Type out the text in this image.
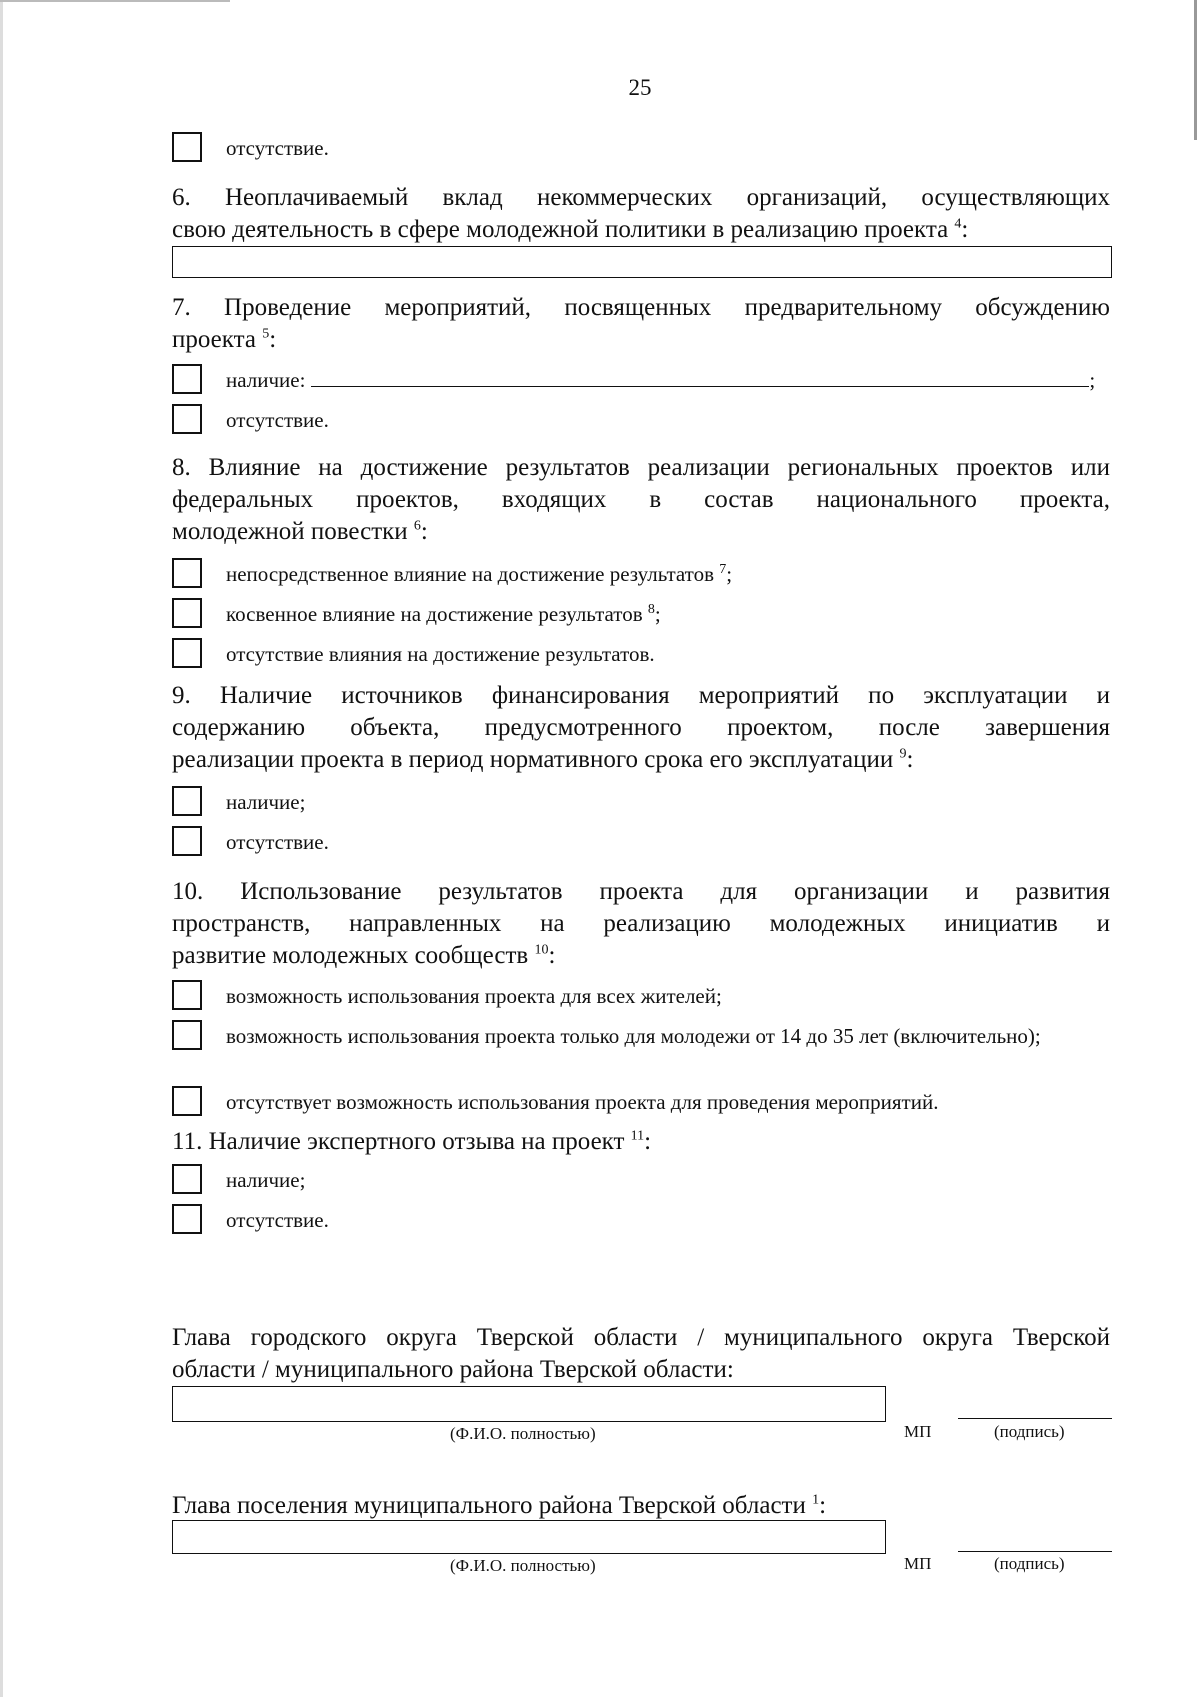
25
отсутствие.

6. Неоплачиваемый вклад некоммерческих организаций, осуществляющих

свою деятельность в сфере молодежной политики в реализацию проекта $^4$:

7. Проведение мероприятий, посвященных предварительному обсуждению

проекта $^5$:

наличие:	;
отсутствие.

8. Влияние на достижение результатов реализации региональных проектов или

федеральных проектов, входящих в состав национального проекта,

молодежной повестки $^6$:

непосредственное влияние на достижение результатов $^7$;
косвенное влияние на достижение результатов $^8$;
отсутствие влияния на достижение результатов.

9. Наличие источников финансирования мероприятий по эксплуатации и

содержанию объекта, предусмотренного проектом, после завершения

реализации проекта в период нормативного срока его эксплуатации $^9$:

наличие;
отсутствие.

10. Использование результатов проекта для организации и развития

пространств, направленных на реализацию молодежных инициатив и

развитие молодежных сообществ $^{10}$:

возможность использования проекта для всех жителей;
возможность использования проекта только для молодежи от 14 до 35 лет (включительно);
отсутствует возможность использования проекта для проведения мероприятий.

11. Наличие экспертного отзыва на проект $^{11}$:

наличие;
отсутствие.

Глава городского округа Тверской области / муниципального округа Тверской

области / муниципального района Тверской области:

(Ф.И.О. полностью)	МП	(подпись)

Глава поселения муниципального района Тверской области $^1$:

(Ф.И.О. полностью)	МП	(подпись)
